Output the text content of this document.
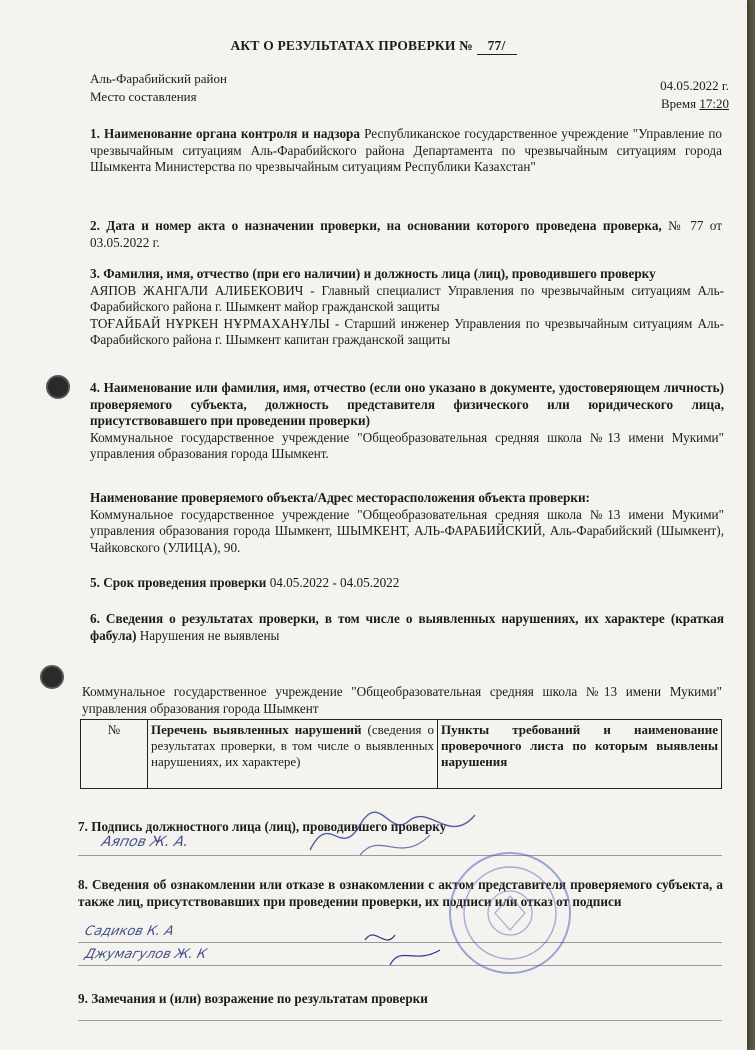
АКТ О РЕЗУЛЬТАТАХ ПРОВЕРКИ № 77/
Аль-Фарабийский район
Место составления
04.05.2022 г.
Время 17:20
1. Наименование органа контроля и надзора Республиканское государственное учреждение "Управление по чрезвычайным ситуациям Аль-Фарабийского района Департамента по чрезвычайным ситуациям города Шымкента Министерства по чрезвычайным ситуациям Республики Казахстан"
2. Дата и номер акта о назначении проверки, на основании которого проведена проверка, № 77 от 03.05.2022 г.
3. Фамилия, имя, отчество (при его наличии) и должность лица (лиц), проводившего проверку
АЯПОВ ЖАНГАЛИ АЛИБЕКОВИЧ - Главный специалист Управления по чрезвычайным ситуациям Аль-Фарабийского района г. Шымкент майор гражданской защиты
ТОҒАЙБАЙ НҰРКЕН НҰРМАХАНҰЛЫ - Старший инженер Управления по чрезвычайным ситуациям Аль-Фарабийского района г. Шымкент капитан гражданской защиты
4. Наименование или фамилия, имя, отчество (если оно указано в документе, удостоверяющем личность) проверяемого субъекта, должность представителя физического или юридического лица, присутствовавшего при проведении проверки)
Коммунальное государственное учреждение "Общеобразовательная средняя школа №13 имени Мукими" управления образования города Шымкент.
Наименование проверяемого объекта/Адрес месторасположения объекта проверки:
Коммунальное государственное учреждение "Общеобразовательная средняя школа №13 имени Мукими" управления образования города Шымкент, ШЫМКЕНТ, АЛЬ-ФАРАБИЙСКИЙ, Аль-Фарабийский (Шымкент), Чайковского (УЛИЦА), 90.
5. Срок проведения проверки 04.05.2022 - 04.05.2022
6. Сведения о результатах проверки, в том числе о выявленных нарушениях, их характере (краткая фабула) Нарушения не выявлены
Коммунальное государственное учреждение "Общеобразовательная средняя школа №13 имени Мукими" управления образования города Шымкент
№	Перечень выявленных нарушений (сведения о результатах проверки, в том числе о выявленных нарушениях, их характере)	Пункты требований и наименование проверочного листа по которым выявлены нарушения
7. Подпись должностного лица (лиц), проводившего проверку
Аяпов Ж. А.
8. Сведения об ознакомлении или отказе в ознакомлении с актом представителя проверяемого субъекта, а также лиц, присутствовавших при проведении проверки, их подписи или отказ от подписи
Садиков К. А
Джумагулов Ж. К
9. Замечания и (или) возражение по результатам проверки
